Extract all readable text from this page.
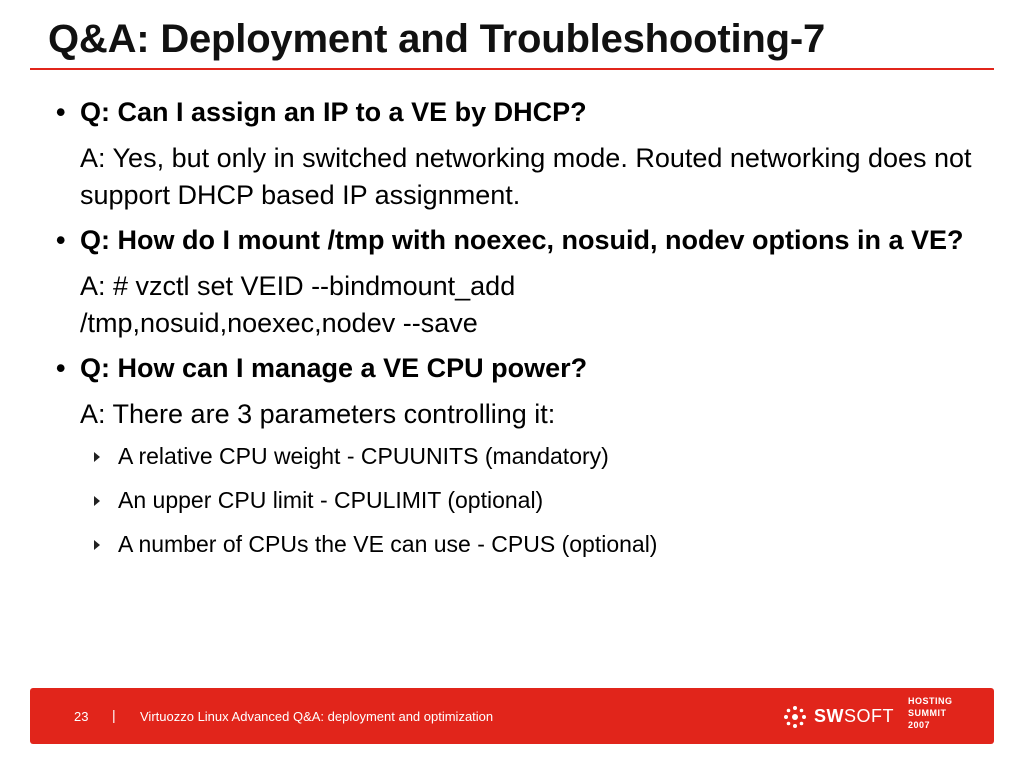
Q&A: Deployment and Troubleshooting-7

• Q: Can I assign an IP to a VE by DHCP?

A: Yes, but only in switched networking mode. Routed networking does not support DHCP based IP assignment.

• Q: How do I mount /tmp with noexec, nosuid, nodev options in a VE?

A: # vzctl set VEID --bindmount_add
/tmp,nosuid,noexec,nodev --save

• Q: How can I manage a VE CPU power?

A: There are 3 parameters controlling it:

A relative CPU weight - CPUUNITS (mandatory)

An upper CPU limit - CPULIMIT (optional)

A number of CPUs the VE can use - CPUS (optional)

23 | Virtuozzo Linux Advanced Q&A: deployment and optimization	SWSOFT
HOSTING
SUMMIT
2007
